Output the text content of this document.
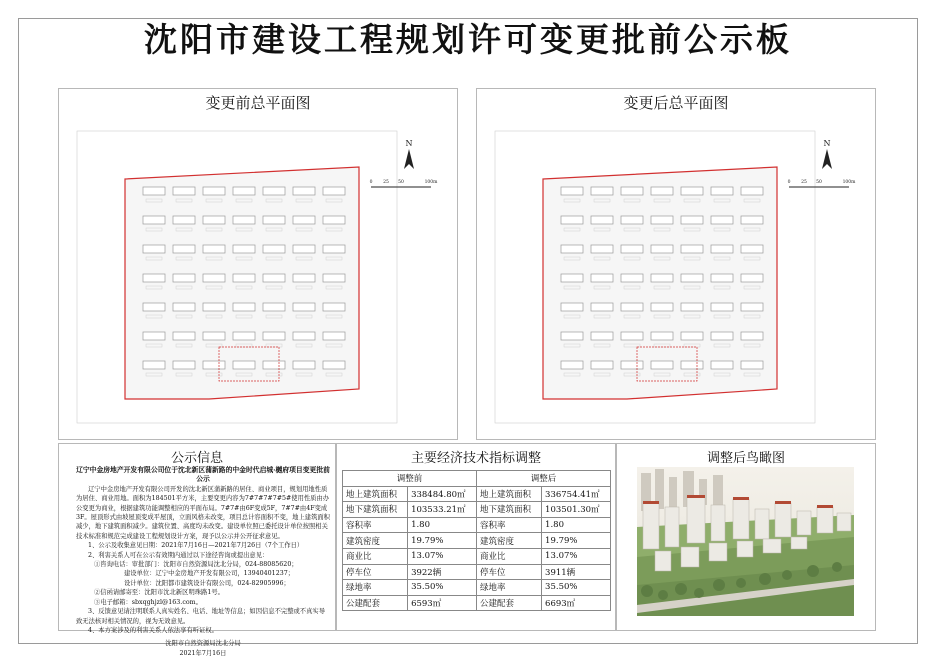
沈阳市建设工程规划许可变更批前公示板
变更前总平面图
N
0 25 50	100m
变更后总平面图
N
0 25 50	100m
公示信息

辽宁中金房地产开发有限公司位于沈北新区蒲新路的中金时代启城·樾府项目变更批前公示

辽宁中金房地产开发有限公司开发的沈北新区蒲新路的居住、商业项目，规划用地性质为居住、商业用地。面积为184501平方米，主要变更内容为7#7#7#7#5#使用性质由办公变更为商业，根据建筑功能调整相应的平面布局。7#7#由6F变成5F，7#7#由4F变成3F。屋顶形式由坡屋顶变成平屋顶，立面风格未改变，项目总计容面积不变，地上建筑面积减少，地下建筑面积减少。建筑位置、高度均未改变。建设单位照已委托设计单位按照相关技术标准和规范完成建设工程规划设计方案，现予以公示并公开征求意见。

1、公示及收集意见日期：2021年7月16日—2021年7月26日（7个工作日）

2、利害关系人可在公示有效期内通过以下途径咨询或提出意见：

①咨询电话：审批部门：沈阳市自然资源局沈北分局，024-88085620；

建设单位：辽宁中金房地产开发有限公司，13940401237；

设计单位：沈阳都市建筑设计有限公司，024-82905996；

②信函请邮寄至：沈阳市沈北新区明珠路1号。

③电子邮箱：sbxqghjzl@163.com。

3、反馈意见请注明联系人真实姓名、电话、地址等信息；如因信息不完整或不真实导致无法核对相关情况的，视为无效意见。

4、本方案涉及的利害关系人依法享有听证权。

沈阳市自然资源局沈北分局

2021年7月16日

主要经济技术指标调整
调整前		调整后	
地上建筑面积	338484.80㎡	地上建筑面积	336754.41㎡
地下建筑面积	103533.21㎡	地下建筑面积	103501.30㎡
容积率	1.80	容积率	1.80
建筑密度	19.79%	建筑密度	19.79%
商业比	13.07%	商业比	13.07%
停车位	3922辆	停车位	3911辆
绿地率	35.50%	绿地率	35.50%
公建配套	6593㎡	公建配套	6693㎡
调整后鸟瞰图
